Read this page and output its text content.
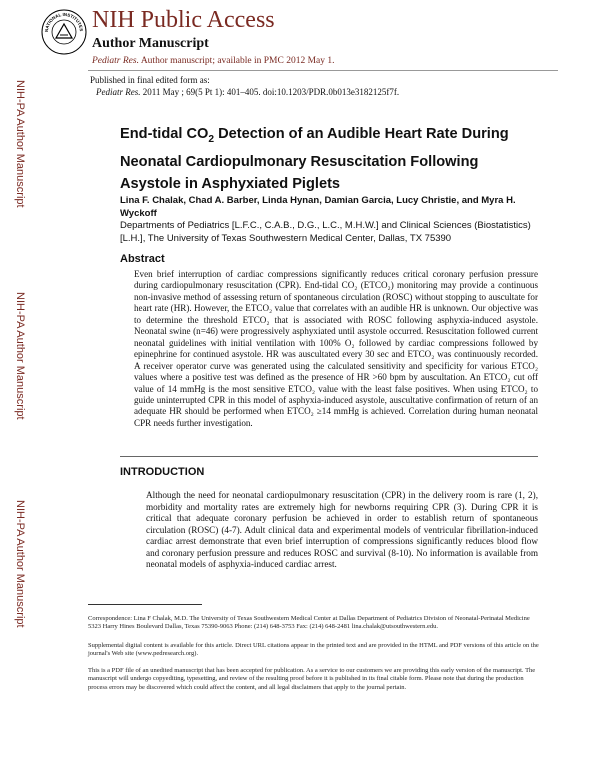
NATIONAL INSTITUTES NIH Public Access
Author Manuscript
Pediatr Res. Author manuscript; available in PMC 2012 May 1.
NIH-PA Author Manuscript
NIH-PA Author Manuscript
NIH-PA Author Manuscript
Published in final edited form as:
Pediatr Res. 2011 May ; 69(5 Pt 1): 401–405. doi:10.1203/PDR.0b013e3182125f7f.
End-tidal $CO_2$ Detection of an Audible Heart Rate During Neonatal Cardiopulmonary Resuscitation Following Asystole in Asphyxiated Piglets
Lina F. Chalak, Chad A. Barber, Linda Hynan, Damian Garcia, Lucy Christie, and Myra H. Wyckoff
Departments of Pediatrics [L.F.C., C.A.B., D.G., L.C., M.H.W.] and Clinical Sciences (Biostatistics) [L.H.], The University of Texas Southwestern Medical Center, Dallas, TX 75390
Abstract
Even brief interruption of cardiac compressions significantly reduces critical coronary perfusion pressure during cardiopulmonary resuscitation (CPR). End-tidal CO₂ (ETCO₂) monitoring may provide a continuous non-invasive method of assessing return of spontaneous circulation (ROSC) without stopping to auscultate for heart rate (HR). However, the ETCO₂ value that correlates with an audible HR is unknown. Our objective was to determine the threshold ETCO₂ that is associated with ROSC following asphyxia-induced asystole. Neonatal swine (n=46) were progressively asphyxiated until asystole occurred. Resuscitation followed current neonatal guidelines with initial ventilation with 100% O₂ followed by cardiac compressions followed by epinephrine for continued asystole. HR was auscultated every 30 sec and ETCO₂ was continuously recorded. A receiver operator curve was generated using the calculated sensitivity and specificity for various ETCO₂ values where a positive test was defined as the presence of HR >60 bpm by auscultation. An ETCO₂ cut off value of 14 mmHg is the most sensitive ETCO₂ value with the least false positives. When using ETCO₂ to guide uninterrupted CPR in this model of asphyxia-induced asystole, auscultative confirmation of return of an adequate HR should be performed when ETCO₂ ≥14 mmHg is achieved. Correlation during human neonatal CPR needs further investigation.
INTRODUCTION
Although the need for neonatal cardiopulmonary resuscitation (CPR) in the delivery room is rare (1, 2), morbidity and mortality rates are extremely high for newborns requiring CPR (3). During CPR it is critical that adequate coronary perfusion be achieved in order to establish return of spontaneous circulation (ROSC) (4-7). Adult clinical data and experimental models of ventricular fibrillation-induced cardiac arrest demonstrate that even brief interruption of compressions significantly reduces blood flow and coronary perfusion pressure and reduces ROSC and survival (8-10). No information is available from neonatal models of asphyxia-induced cardiac arrest.
Correspondence: Lina F Chalak, M.D. The University of Texas Southwestern Medical Center at Dallas Department of Pediatrics Division of Neonatal-Perinatal Medicine 5323 Harry Hines Boulevard Dallas, Texas 75390-9063 Phone: (214) 648-3753 Fax: (214) 648-2481 lina.chalak@utsouthwestern.edu.
Supplemental digital content is available for this article. Direct URL citations appear in the printed text and are provided in the HTML and PDF versions of this article on the journal's Web site (www.pedresearch.org).
This is a PDF file of an unedited manuscript that has been accepted for publication. As a service to our customers we are providing this early version of the manuscript. The manuscript will undergo copyediting, typesetting, and review of the resulting proof before it is published in its final citable form. Please note that during the production process errors may be discovered which could affect the content, and all legal disclaimers that apply to the journal pertain.
